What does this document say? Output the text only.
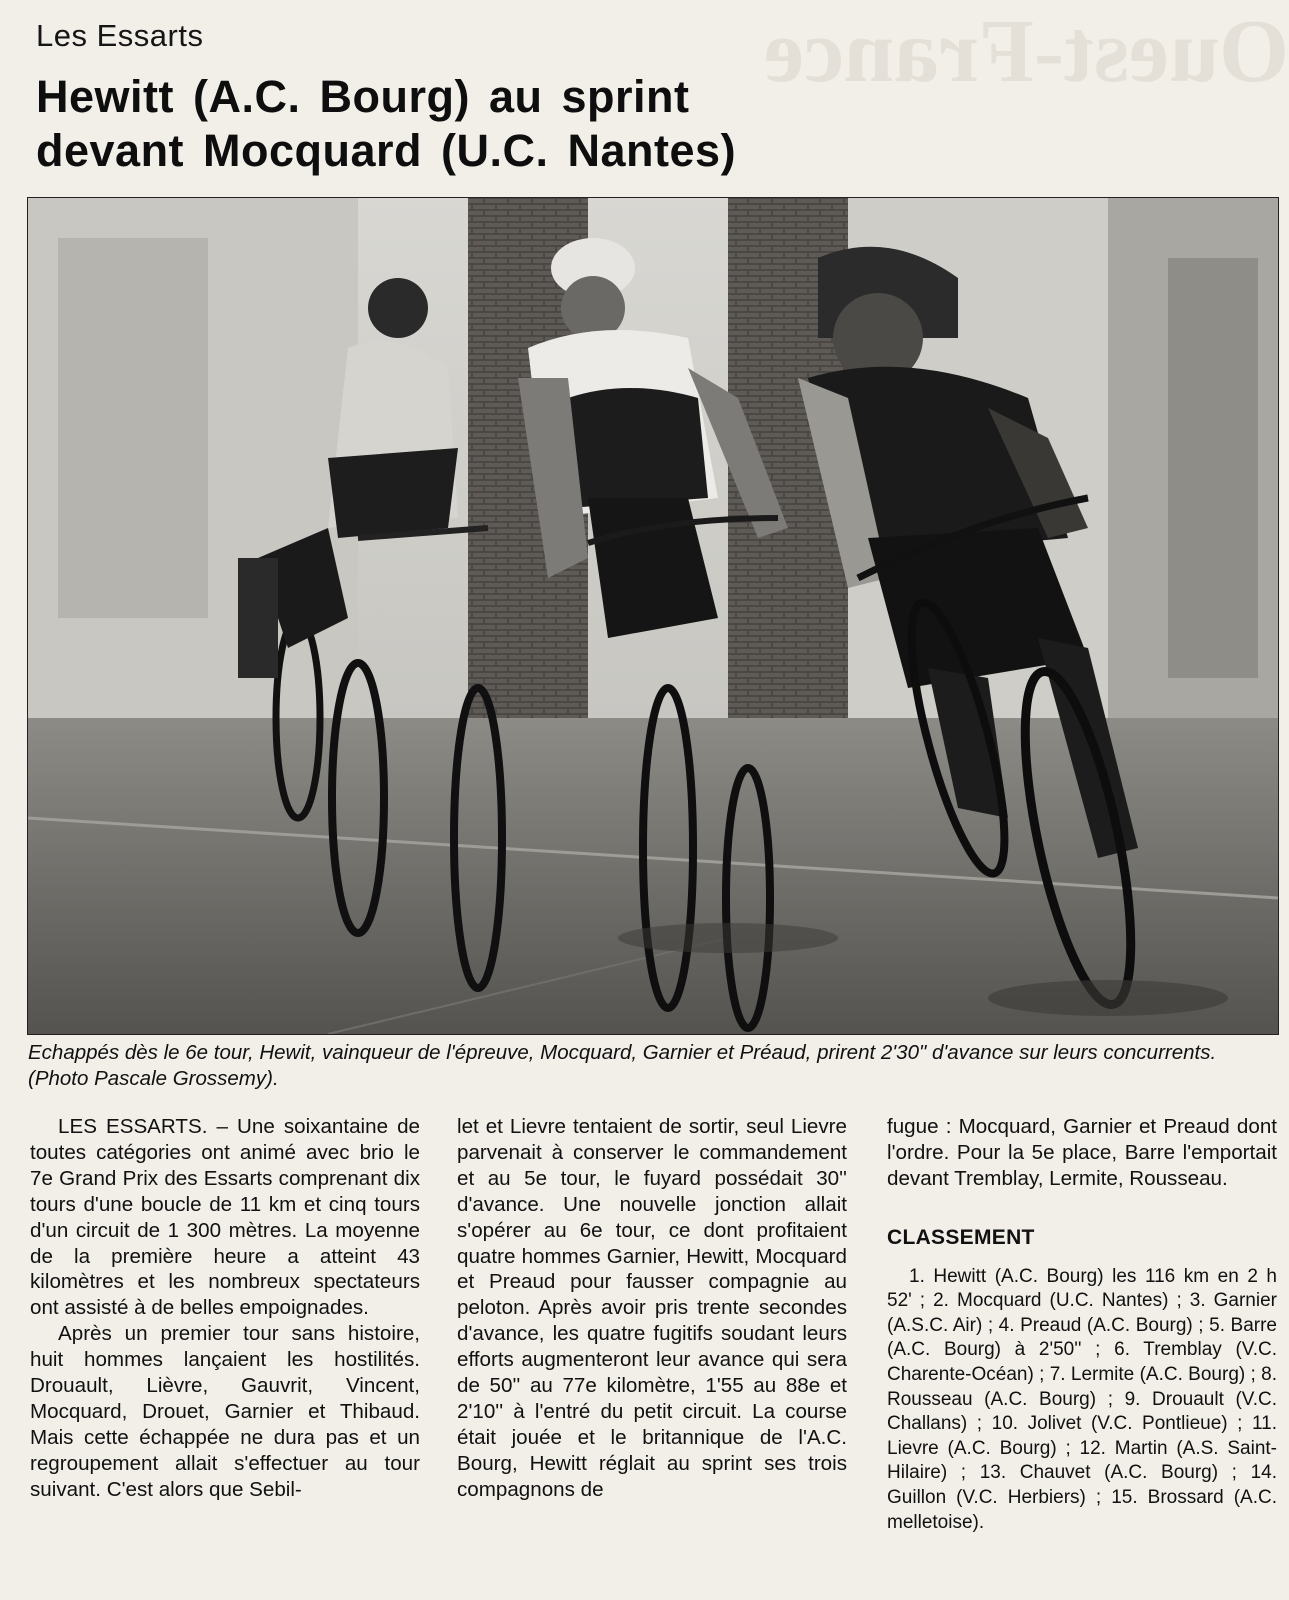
Ouest-France
Les Essarts
Hewitt (A.C. Bourg) au sprint
devant Mocquard (U.C. Nantes)
Echappés dès le 6e tour, Hewit, vainqueur de l'épreuve, Mocquard, Garnier et Préaud, prirent 2'30" d'avance sur leurs concurrents. (Photo Pascale Grossemy).

LES ESSARTS. – Une soixantaine de toutes catégories ont animé avec brio le 7e Grand Prix des Essarts comprenant dix tours d'une boucle de 11 km et cinq tours d'un circuit de 1 300 mètres. La moyenne de la première heure a atteint 43 kilomètres et les nombreux spectateurs ont assisté à de belles empoignades.

Après un premier tour sans histoire, huit hommes lançaient les hostilités. Drouault, Lièvre, Gauvrit, Vincent, Mocquard, Drouet, Garnier et Thibaud. Mais cette échappée ne dura pas et un regroupement allait s'effectuer au tour suivant. C'est alors que Sebil-

let et Lievre tentaient de sortir, seul Lievre parvenait à conserver le commandement et au 5e tour, le fuyard possédait 30'' d'avance. Une nouvelle jonction allait s'opérer au 6e tour, ce dont profitaient quatre hommes Garnier, Hewitt, Mocquard et Preaud pour fausser compagnie au peloton. Après avoir pris trente secondes d'avance, les quatre fugitifs soudant leurs efforts augmenteront leur avance qui sera de 50'' au 77e kilomètre, 1'55 au 88e et 2'10'' à l'entré du petit circuit. La course était jouée et le britannique de l'A.C. Bourg, Hewitt réglait au sprint ses trois compagnons de

fugue : Mocquard, Garnier et Preaud dont l'ordre. Pour la 5e place, Barre l'emportait devant Tremblay, Lermite, Rousseau.

CLASSEMENT
1. Hewitt (A.C. Bourg) les 116 km en 2 h 52' ; 2. Mocquard (U.C. Nantes) ; 3. Garnier (A.S.C. Air) ; 4. Preaud (A.C. Bourg) ; 5. Barre (A.C. Bourg) à 2'50'' ; 6. Tremblay (V.C. Charente-Océan) ; 7. Lermite (A.C. Bourg) ; 8. Rousseau (A.C. Bourg) ; 9. Drouault (V.C. Challans) ; 10. Jolivet (V.C. Pontlieue) ; 11. Lievre (A.C. Bourg) ; 12. Martin (A.S. Saint-Hilaire) ; 13. Chauvet (A.C. Bourg) ; 14. Guillon (V.C. Herbiers) ; 15. Brossard (A.C. melletoise).
